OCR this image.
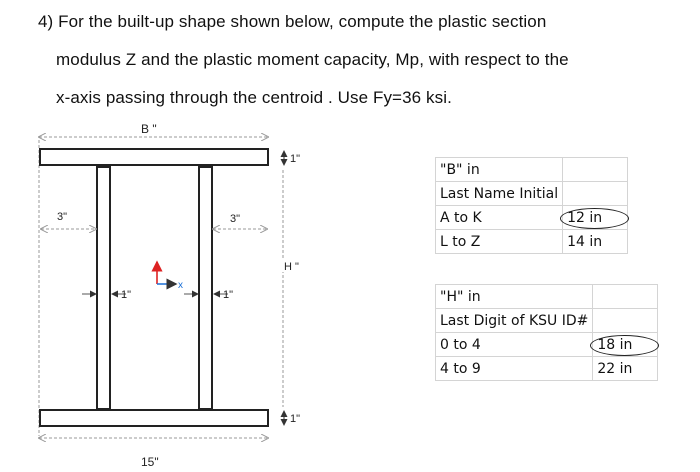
4) For the built-up shape shown below, compute the plastic section
modulus Z and the plastic moment capacity, Mp, with respect to the
x-axis passing through the centroid . Use Fy=36 ksi.
B "
1"
1"
H "
3"	3"
1"	1"
x
15"
"B" in	
Last Name Initial	
A to K	12 in
L to Z	14 in
"H" in	
Last Digit of KSU ID#	
0 to 4	18 in
4 to 9	22 in
